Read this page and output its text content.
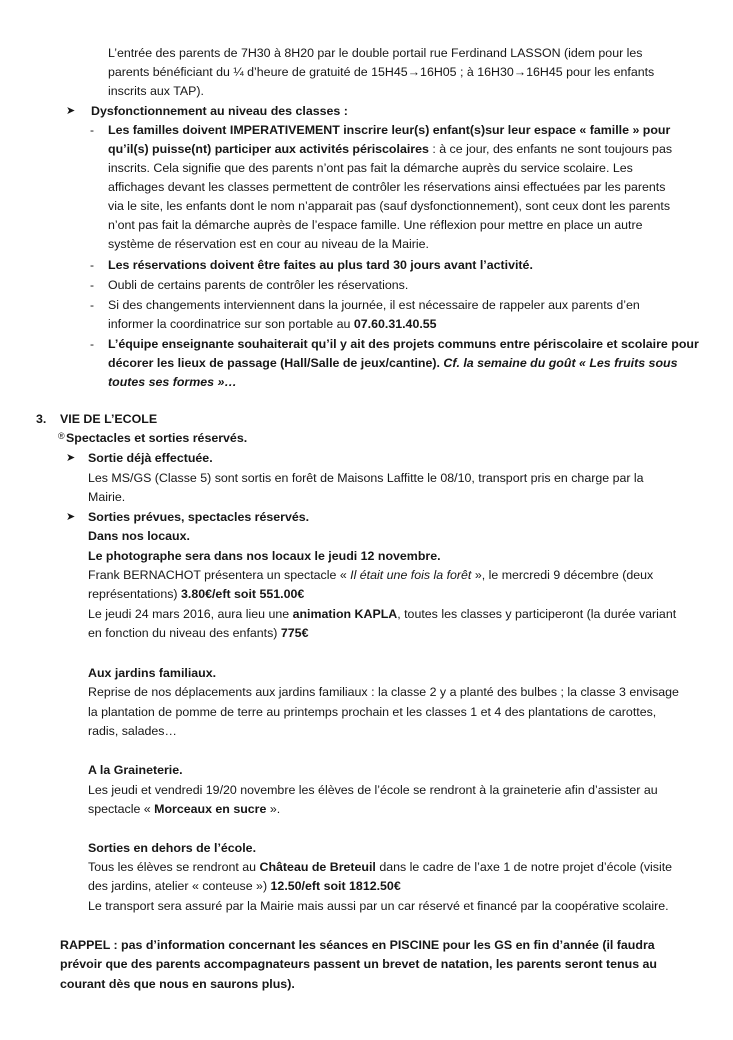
L’entrée des parents de 7H30 à 8H20 par le double portail rue Ferdinand LASSON (idem pour les
parents bénéficiant du ¼ d’heure de gratuité de 15H45→16H05 ; à 16H30→16H45 pour les enfants
inscrits aux TAP).
➤ Dysfonctionnement au niveau des classes :
- Les familles doivent IMPERATIVEMENT inscrire leur(s) enfant(s)sur leur espace « famille » pour
qu’il(s) puisse(nt) participer aux activités périscolaires : à ce jour, des enfants ne sont toujours pas
inscrits. Cela signifie que des parents n’ont pas fait la démarche auprès du service scolaire. Les
affichages devant les classes permettent de contrôler les réservations ainsi effectuées par les parents
via le site, les enfants dont le nom n’apparait pas (sauf dysfonctionnement), sont ceux dont les parents
n’ont pas fait la démarche auprès de l’espace famille. Une réflexion pour mettre en place un autre
système de réservation est en cour au niveau de la Mairie.
- Les réservations doivent être faites au plus tard 30 jours avant l’activité.
- Oubli de certains parents de contrôler les réservations.
- Si des changements interviennent dans la journée, il est nécessaire de rappeler aux parents d’en
informer la coordinatrice sur son portable au 07.60.31.40.55
- L’équipe enseignante souhaiterait qu’il y ait des projets communs entre périscolaire et scolaire pour
décorer les lieux de passage (Hall/Salle de jeux/cantine). Cf. la semaine du goût « Les fruits sous
toutes ses formes »…
3. VIE DE L’ECOLE
® Spectacles et sorties réservés.
➤ Sortie déjà effectuée.
Les MS/GS (Classe 5) sont sortis en forêt de Maisons Laffitte le 08/10, transport pris en charge par la
Mairie.
➤ Sorties prévues, spectacles réservés.
Dans nos locaux.
Le photographe sera dans nos locaux le jeudi 12 novembre.
Frank BERNACHOT présentera un spectacle « Il était une fois la forêt », le mercredi 9 décembre (deux
représentations) 3.80€/eft soit 551.00€
Le jeudi 24 mars 2016, aura lieu une animation KAPLA, toutes les classes y participeront (la durée variant
en fonction du niveau des enfants) 775€
Aux jardins familiaux.
Reprise de nos déplacements aux jardins familiaux : la classe 2 y a planté des bulbes ; la classe 3 envisage
la plantation de pomme de terre au printemps prochain et les classes 1 et 4 des plantations de carottes,
radis, salades…
A la Graineterie.
Les jeudi et vendredi 19/20 novembre les élèves de l’école se rendront à la graineterie afin d’assister au
spectacle « Morceaux en sucre ».
Sorties en dehors de l’école.
Tous les élèves se rendront au Château de Breteuil dans le cadre de l’axe 1 de notre projet d’école (visite
des jardins, atelier « conteuse ») 12.50/eft soit 1812.50€
Le transport sera assuré par la Mairie mais aussi par un car réservé et financé par la coopérative scolaire.
RAPPEL : pas d’information concernant les séances en PISCINE pour les GS en fin d’année (il faudra
prévoir que des parents accompagnateurs passent un brevet de natation, les parents seront tenus au
courant dès que nous en saurons plus).
